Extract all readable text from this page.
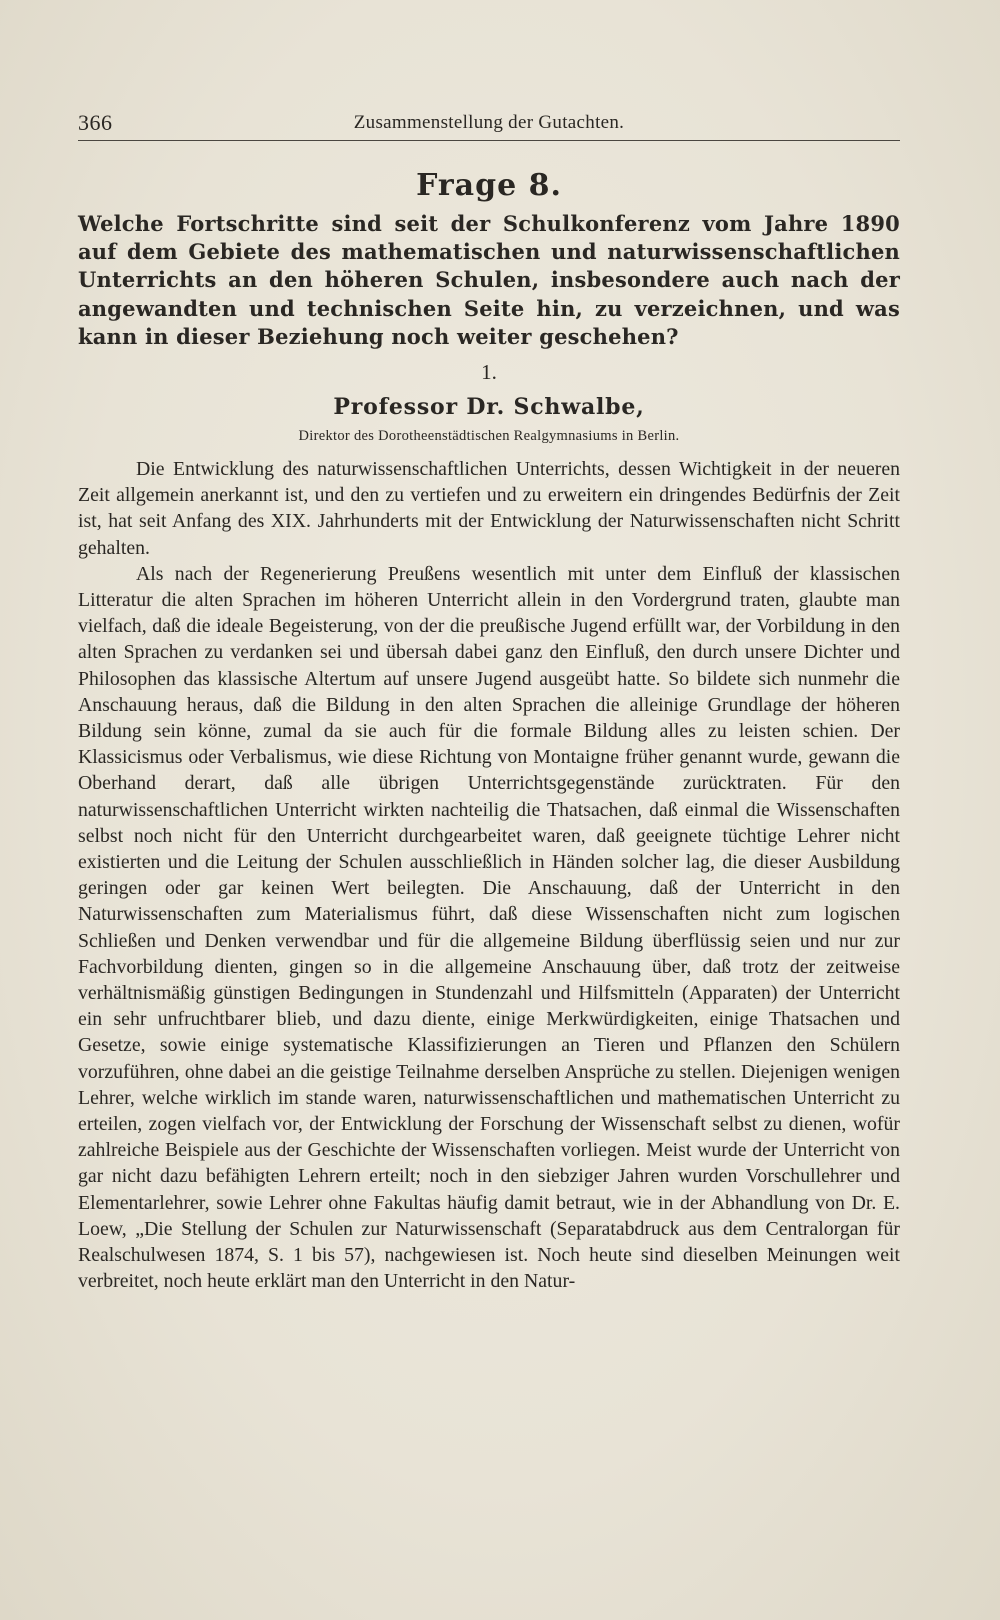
366	Zusammenstellung der Gutachten.
Frage 8.
Welche Fortschritte sind seit der Schulkonferenz vom Jahre 1890 auf dem Gebiete des mathematischen und naturwissenschaftlichen Unterrichts an den höheren Schulen, insbesondere auch nach der angewandten und technischen Seite hin, zu verzeichnen, und was kann in dieser Beziehung noch weiter geschehen?
1.
Professor Dr. Schwalbe,
Direktor des Dorotheenstädtischen Realgymnasiums in Berlin.

Die Entwicklung des naturwissenschaftlichen Unterrichts, dessen Wichtigkeit in der neueren Zeit allgemein anerkannt ist, und den zu vertiefen und zu erweitern ein dringendes Bedürfnis der Zeit ist, hat seit Anfang des XIX. Jahrhunderts mit der Entwicklung der Naturwissenschaften nicht Schritt gehalten.

Als nach der Regenerierung Preußens wesentlich mit unter dem Einfluß der klassischen Litteratur die alten Sprachen im höheren Unterricht allein in den Vordergrund traten, glaubte man vielfach, daß die ideale Begeisterung, von der die preußische Jugend erfüllt war, der Vorbildung in den alten Sprachen zu verdanken sei und übersah dabei ganz den Einfluß, den durch unsere Dichter und Philosophen das klassische Altertum auf unsere Jugend ausgeübt hatte. So bildete sich nunmehr die Anschauung heraus, daß die Bildung in den alten Sprachen die alleinige Grundlage der höheren Bildung sein könne, zumal da sie auch für die formale Bildung alles zu leisten schien. Der Klassicismus oder Verbalismus, wie diese Richtung von Montaigne früher genannt wurde, gewann die Oberhand derart, daß alle übrigen Unterrichtsgegenstände zurücktraten. Für den naturwissenschaftlichen Unterricht wirkten nachteilig die Thatsachen, daß einmal die Wissenschaften selbst noch nicht für den Unterricht durchgearbeitet waren, daß geeignete tüchtige Lehrer nicht existierten und die Leitung der Schulen ausschließlich in Händen solcher lag, die dieser Ausbildung geringen oder gar keinen Wert beilegten. Die Anschauung, daß der Unterricht in den Naturwissenschaften zum Materialismus führt, daß diese Wissenschaften nicht zum logischen Schließen und Denken verwendbar und für die allgemeine Bildung überflüssig seien und nur zur Fachvorbildung dienten, gingen so in die allgemeine Anschauung über, daß trotz der zeitweise verhältnismäßig günstigen Bedingungen in Stundenzahl und Hilfsmitteln (Apparaten) der Unterricht ein sehr unfruchtbarer blieb, und dazu diente, einige Merkwürdigkeiten, einige Thatsachen und Gesetze, sowie einige systematische Klassifizierungen an Tieren und Pflanzen den Schülern vorzuführen, ohne dabei an die geistige Teilnahme derselben Ansprüche zu stellen. Diejenigen wenigen Lehrer, welche wirklich im stande waren, naturwissenschaftlichen und mathematischen Unterricht zu erteilen, zogen vielfach vor, der Entwicklung der Forschung der Wissenschaft selbst zu dienen, wofür zahlreiche Beispiele aus der Geschichte der Wissenschaften vorliegen. Meist wurde der Unterricht von gar nicht dazu befähigten Lehrern erteilt; noch in den siebziger Jahren wurden Vorschullehrer und Elementarlehrer, sowie Lehrer ohne Fakultas häufig damit betraut, wie in der Abhandlung von Dr. E. Loew, „Die Stellung der Schulen zur Naturwissenschaft (Separatabdruck aus dem Centralorgan für Realschulwesen 1874, S. 1 bis 57), nachgewiesen ist. Noch heute sind dieselben Meinungen weit verbreitet, noch heute erklärt man den Unterricht in den Natur-
